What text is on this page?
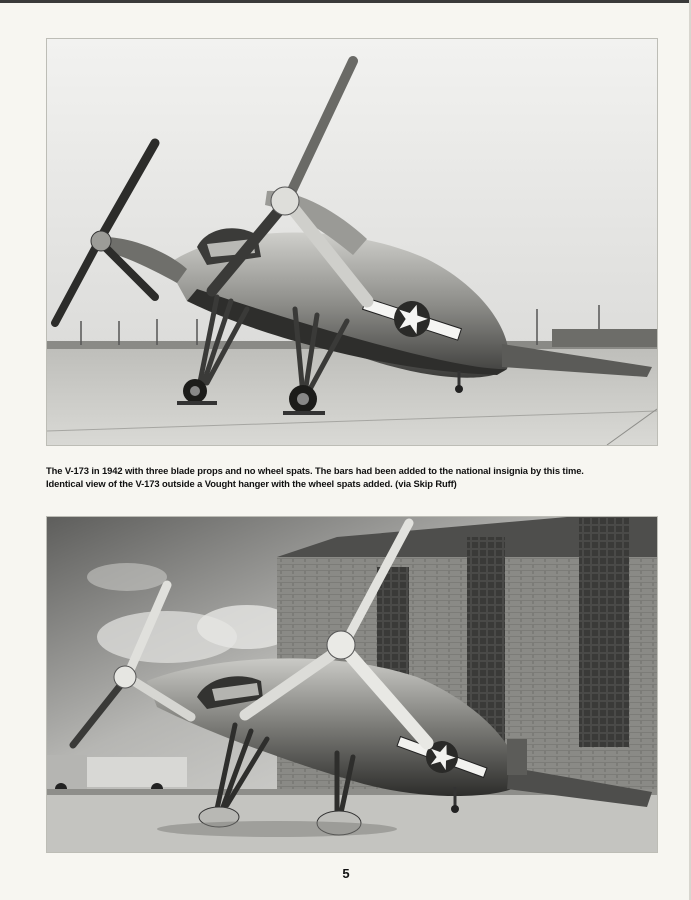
The V-173 in 1942 with three blade props and no wheel spats. The bars had been added to the national insignia by this time.

Identical view of the V-173 outside a Vought hanger with the wheel spats added. (via Skip Ruff)

5
